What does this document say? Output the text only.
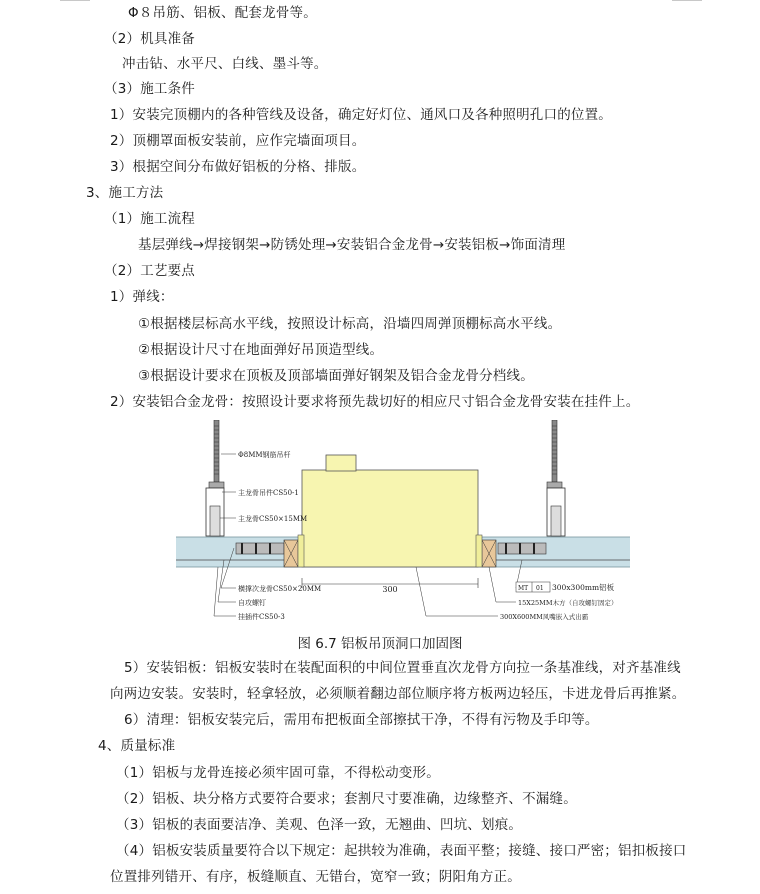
Φ８吊筋、铝板、配套龙骨等。
（2）机具准备
冲击钻、水平尺、白线、墨斗等。
（3）施工条件
1）安装完顶棚内的各种管线及设备，确定好灯位、通风口及各种照明孔口的位置。
2）顶棚罩面板安装前，应作完墙面项目。
3）根据空间分布做好铝板的分格、排版。
3、施工方法
（1）施工流程
基层弹线→焊接钢架→防锈处理→安装铝合金龙骨→安装铝板→饰面清理
（2）工艺要点
1）弹线：
①根据楼层标高水平线，按照设计标高，沿墙四周弹顶棚标高水平线。
②根据设计尺寸在地面弹好吊顶造型线。
③根据设计要求在顶板及顶部墙面弹好钢架及铝合金龙骨分档线。
2）安装铝合金龙骨：按照设计要求将预先裁切好的相应尺寸铝合金龙骨安装在挂件上。
300
Φ8MM钢筋吊杆
主龙骨吊件CS50-1
主龙骨CS50×15MM
横撑次龙骨CS50×20MM
自攻螺钉
挂插件CS50-3
MT 01 300x300mm铝板
15X25MM木方（自攻螺钉固定）
300X600MM风嘴嵌入式出霸
图 6.7 铝板吊顶洞口加固图
5）安装铝板：铝板安装时在装配面积的中间位置垂直次龙骨方向拉一条基准线，对齐基准线
向两边安装。安装时，轻拿轻放，必须顺着翻边部位顺序将方板两边轻压，卡进龙骨后再推紧。
6）清理：铝板安装完后，需用布把板面全部擦拭干净，不得有污物及手印等。
4、质量标准
（1）铝板与龙骨连接必须牢固可靠，不得松动变形。
（2）铝板、块分格方式要符合要求；套割尺寸要准确，边缘整齐、不漏缝。
（3）铝板的表面要洁净、美观、色泽一致，无翘曲、凹坑、划痕。
（4）铝板安装质量要符合以下规定：起拱较为准确，表面平整；接缝、接口严密；铝扣板接口
位置排列错开、有序，板缝顺直、无错台，宽窄一致；阴阳角方正。
